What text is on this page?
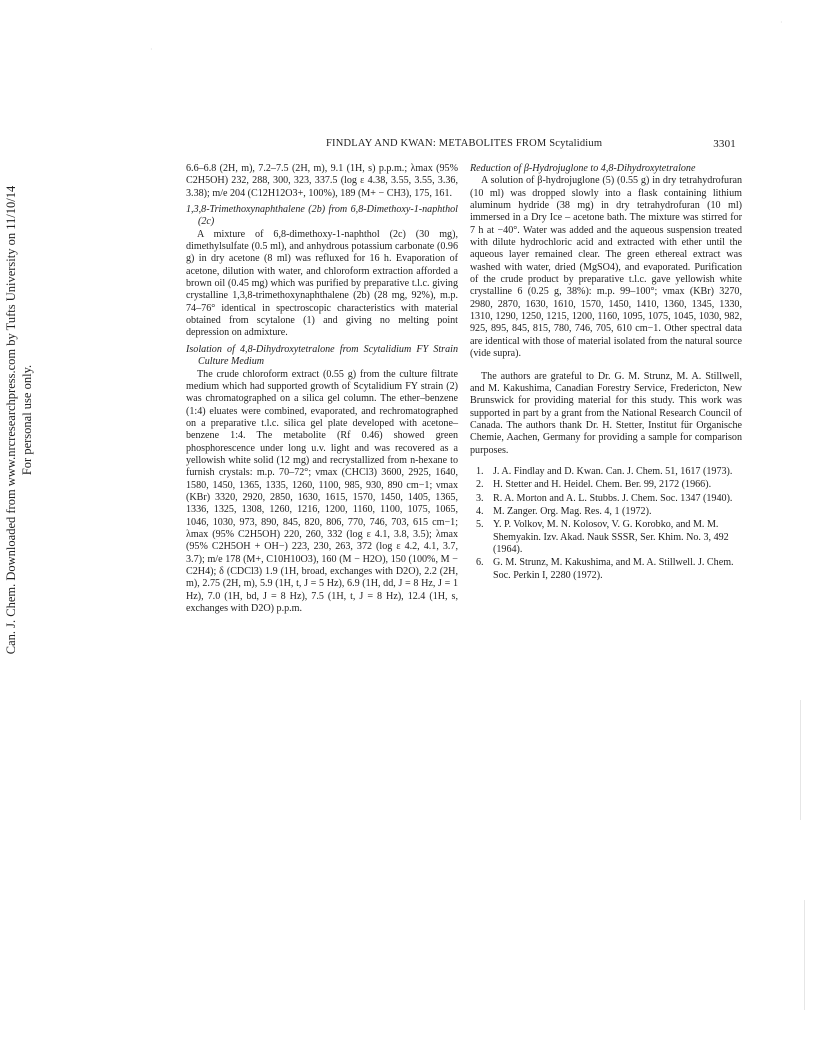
Can. J. Chem. Downloaded from www.nrcresearchpress.com by Tufts University on 11/10/14 For personal use only.
FINDLAY AND KWAN: METABOLITES FROM Scytalidium	3301

6.6–6.8 (2H, m), 7.2–7.5 (2H, m), 9.1 (1H, s) p.p.m.; λmax (95% C2H5OH) 232, 288, 300, 323, 337.5 (log ε 4.38, 3.55, 3.55, 3.36, 3.38); m/e 204 (C12H12O3+, 100%), 189 (M+ − CH3), 175, 161.

1,3,8-Trimethoxynaphthalene (2b) from 6,8-Dimethoxy-1-naphthol (2c)

A mixture of 6,8-dimethoxy-1-naphthol (2c) (30 mg), dimethylsulfate (0.5 ml), and anhydrous potassium carbonate (0.96 g) in dry acetone (8 ml) was refluxed for 16 h. Evaporation of acetone, dilution with water, and chloroform extraction afforded a brown oil (0.45 mg) which was purified by preparative t.l.c. giving crystalline 1,3,8-trimethoxynaphthalene (2b) (28 mg, 92%), m.p. 74–76° identical in spectroscopic characteristics with material obtained from scytalone (1) and giving no melting point depression on admixture.

Isolation of 4,8-Dihydroxytetralone from Scytalidium FY Strain Culture Medium

The crude chloroform extract (0.55 g) from the culture filtrate medium which had supported growth of Scytalidium FY strain (2) was chromatographed on a silica gel column. The ether–benzene (1:4) eluates were combined, evaporated, and rechromatographed on a preparative t.l.c. silica gel plate developed with acetone–benzene 1:4. The metabolite (Rf 0.46) showed green phosphorescence under long u.v. light and was recovered as a yellowish white solid (12 mg) and recrystallized from n-hexane to furnish crystals: m.p. 70–72°; νmax (CHCl3) 3600, 2925, 1640, 1580, 1450, 1365, 1335, 1260, 1100, 985, 930, 890 cm−1; νmax (KBr) 3320, 2920, 2850, 1630, 1615, 1570, 1450, 1405, 1365, 1336, 1325, 1308, 1260, 1216, 1200, 1160, 1100, 1075, 1065, 1046, 1030, 973, 890, 845, 820, 806, 770, 746, 703, 615 cm−1; λmax (95% C2H5OH) 220, 260, 332 (log ε 4.1, 3.8, 3.5); λmax (95% C2H5OH + OH−) 223, 230, 263, 372 (log ε 4.2, 4.1, 3.7, 3.7); m/e 178 (M+, C10H10O3), 160 (M − H2O), 150 (100%, M − C2H4); δ (CDCl3) 1.9 (1H, broad, exchanges with D2O), 2.2 (2H, m), 2.75 (2H, m), 5.9 (1H, t, J = 5 Hz), 6.9 (1H, dd, J = 8 Hz, J = 1 Hz), 7.0 (1H, bd, J = 8 Hz), 7.5 (1H, t, J = 8 Hz), 12.4 (1H, s, exchanges with D2O) p.p.m.

Reduction of β-Hydrojuglone to 4,8-Dihydroxytetralone

A solution of β-hydrojuglone (5) (0.55 g) in dry tetrahydrofuran (10 ml) was dropped slowly into a flask containing lithium aluminum hydride (38 mg) in dry tetrahydrofuran (10 ml) immersed in a Dry Ice – acetone bath. The mixture was stirred for 7 h at −40°. Water was added and the aqueous suspension treated with dilute hydrochloric acid and extracted with ether until the aqueous layer remained clear. The green ethereal extract was washed with water, dried (MgSO4), and evaporated. Purification of the crude product by preparative t.l.c. gave yellowish white crystalline 6 (0.25 g, 38%): m.p. 99–100°; νmax (KBr) 3270, 2980, 2870, 1630, 1610, 1570, 1450, 1410, 1360, 1345, 1330, 1310, 1290, 1250, 1215, 1200, 1160, 1095, 1075, 1045, 1030, 982, 925, 895, 845, 815, 780, 746, 705, 610 cm−1. Other spectral data are identical with those of material isolated from the natural source (vide supra).

The authors are grateful to Dr. G. M. Strunz, M. A. Stillwell, and M. Kakushima, Canadian Forestry Service, Fredericton, New Brunswick for providing material for this study. This work was supported in part by a grant from the National Research Council of Canada. The authors thank Dr. H. Stetter, Institut für Organische Chemie, Aachen, Germany for providing a sample for comparison purposes.

1. J. A. Findlay and D. Kwan. Can. J. Chem. 51, 1617 (1973).
2. H. Stetter and H. Heidel. Chem. Ber. 99, 2172 (1966).
3. R. A. Morton and A. L. Stubbs. J. Chem. Soc. 1347 (1940).
4. M. Zanger. Org. Mag. Res. 4, 1 (1972).
5. Y. P. Volkov, M. N. Kolosov, V. G. Korobko, and M. M. Shemyakin. Izv. Akad. Nauk SSSR, Ser. Khim. No. 3, 492 (1964).
6. G. M. Strunz, M. Kakushima, and M. A. Stillwell. J. Chem. Soc. Perkin I, 2280 (1972).
·
·
